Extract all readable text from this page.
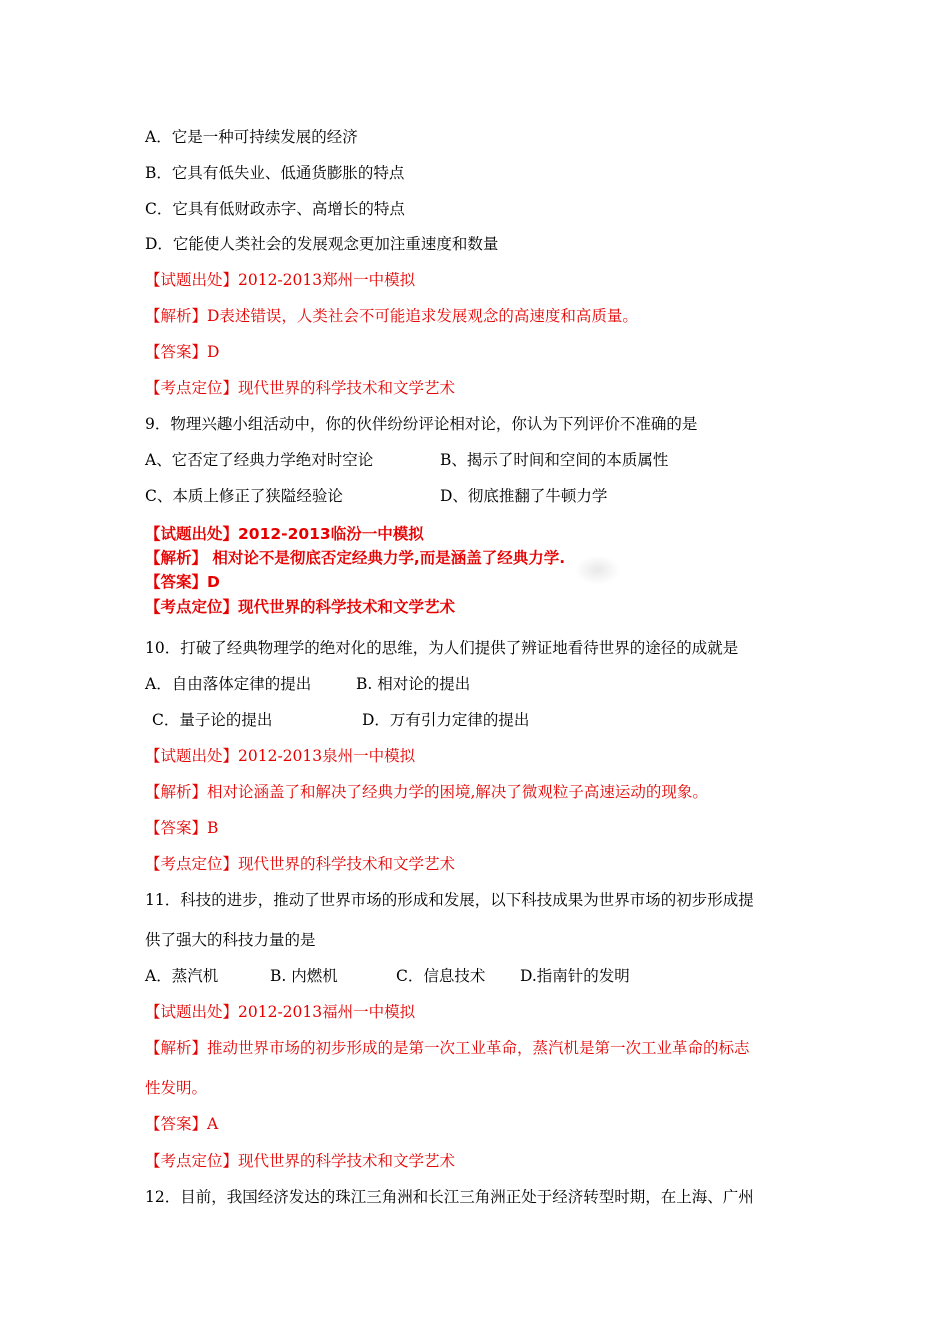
A．它是一种可持续发展的经济
B．它具有低失业、低通货膨胀的特点
C．它具有低财政赤字、高增长的特点
D．它能使人类社会的发展观念更加注重速度和数量
【试题出处】2012-2013郑州一中模拟
【解析】D表述错误，人类社会不可能追求发展观念的高速度和高质量。
【答案】D
【考点定位】现代世界的科学技术和文学艺术
9．物理兴趣小组活动中，你的伙伴纷纷评论相对论，你认为下列评价不准确的是
A、它否定了经典力学绝对时空论	B、揭示了时间和空间的本质属性
C、本质上修正了狭隘经验论	D、彻底推翻了牛顿力学
【试题出处】2012-2013临汾一中模拟
【解析】 相对论不是彻底否定经典力学,而是涵盖了经典力学.
【答案】D
【考点定位】现代世界的科学技术和文学艺术
10．打破了经典物理学的绝对化的思维，为人们提供了辨证地看待世界的途径的成就是
A．自由落体定律的提出	B. 相对论的提出
C．量子论的提出	D．万有引力定律的提出
【试题出处】2012-2013泉州一中模拟
【解析】相对论涵盖了和解决了经典力学的困境,解决了微观粒子高速运动的现象。
【答案】B
【考点定位】现代世界的科学技术和文学艺术
11．科技的进步，推动了世界市场的形成和发展，以下科技成果为世界市场的初步形成提
供了强大的科技力量的是
A．蒸汽机	B. 内燃机	C．信息技术 D.指南针的发明
【试题出处】2012-2013福州一中模拟
【解析】推动世界市场的初步形成的是第一次工业革命，蒸汽机是第一次工业革命的标志
性发明。
【答案】A
【考点定位】现代世界的科学技术和文学艺术
12．目前，我国经济发达的珠江三角洲和长江三角洲正处于经济转型时期，在上海、广州
